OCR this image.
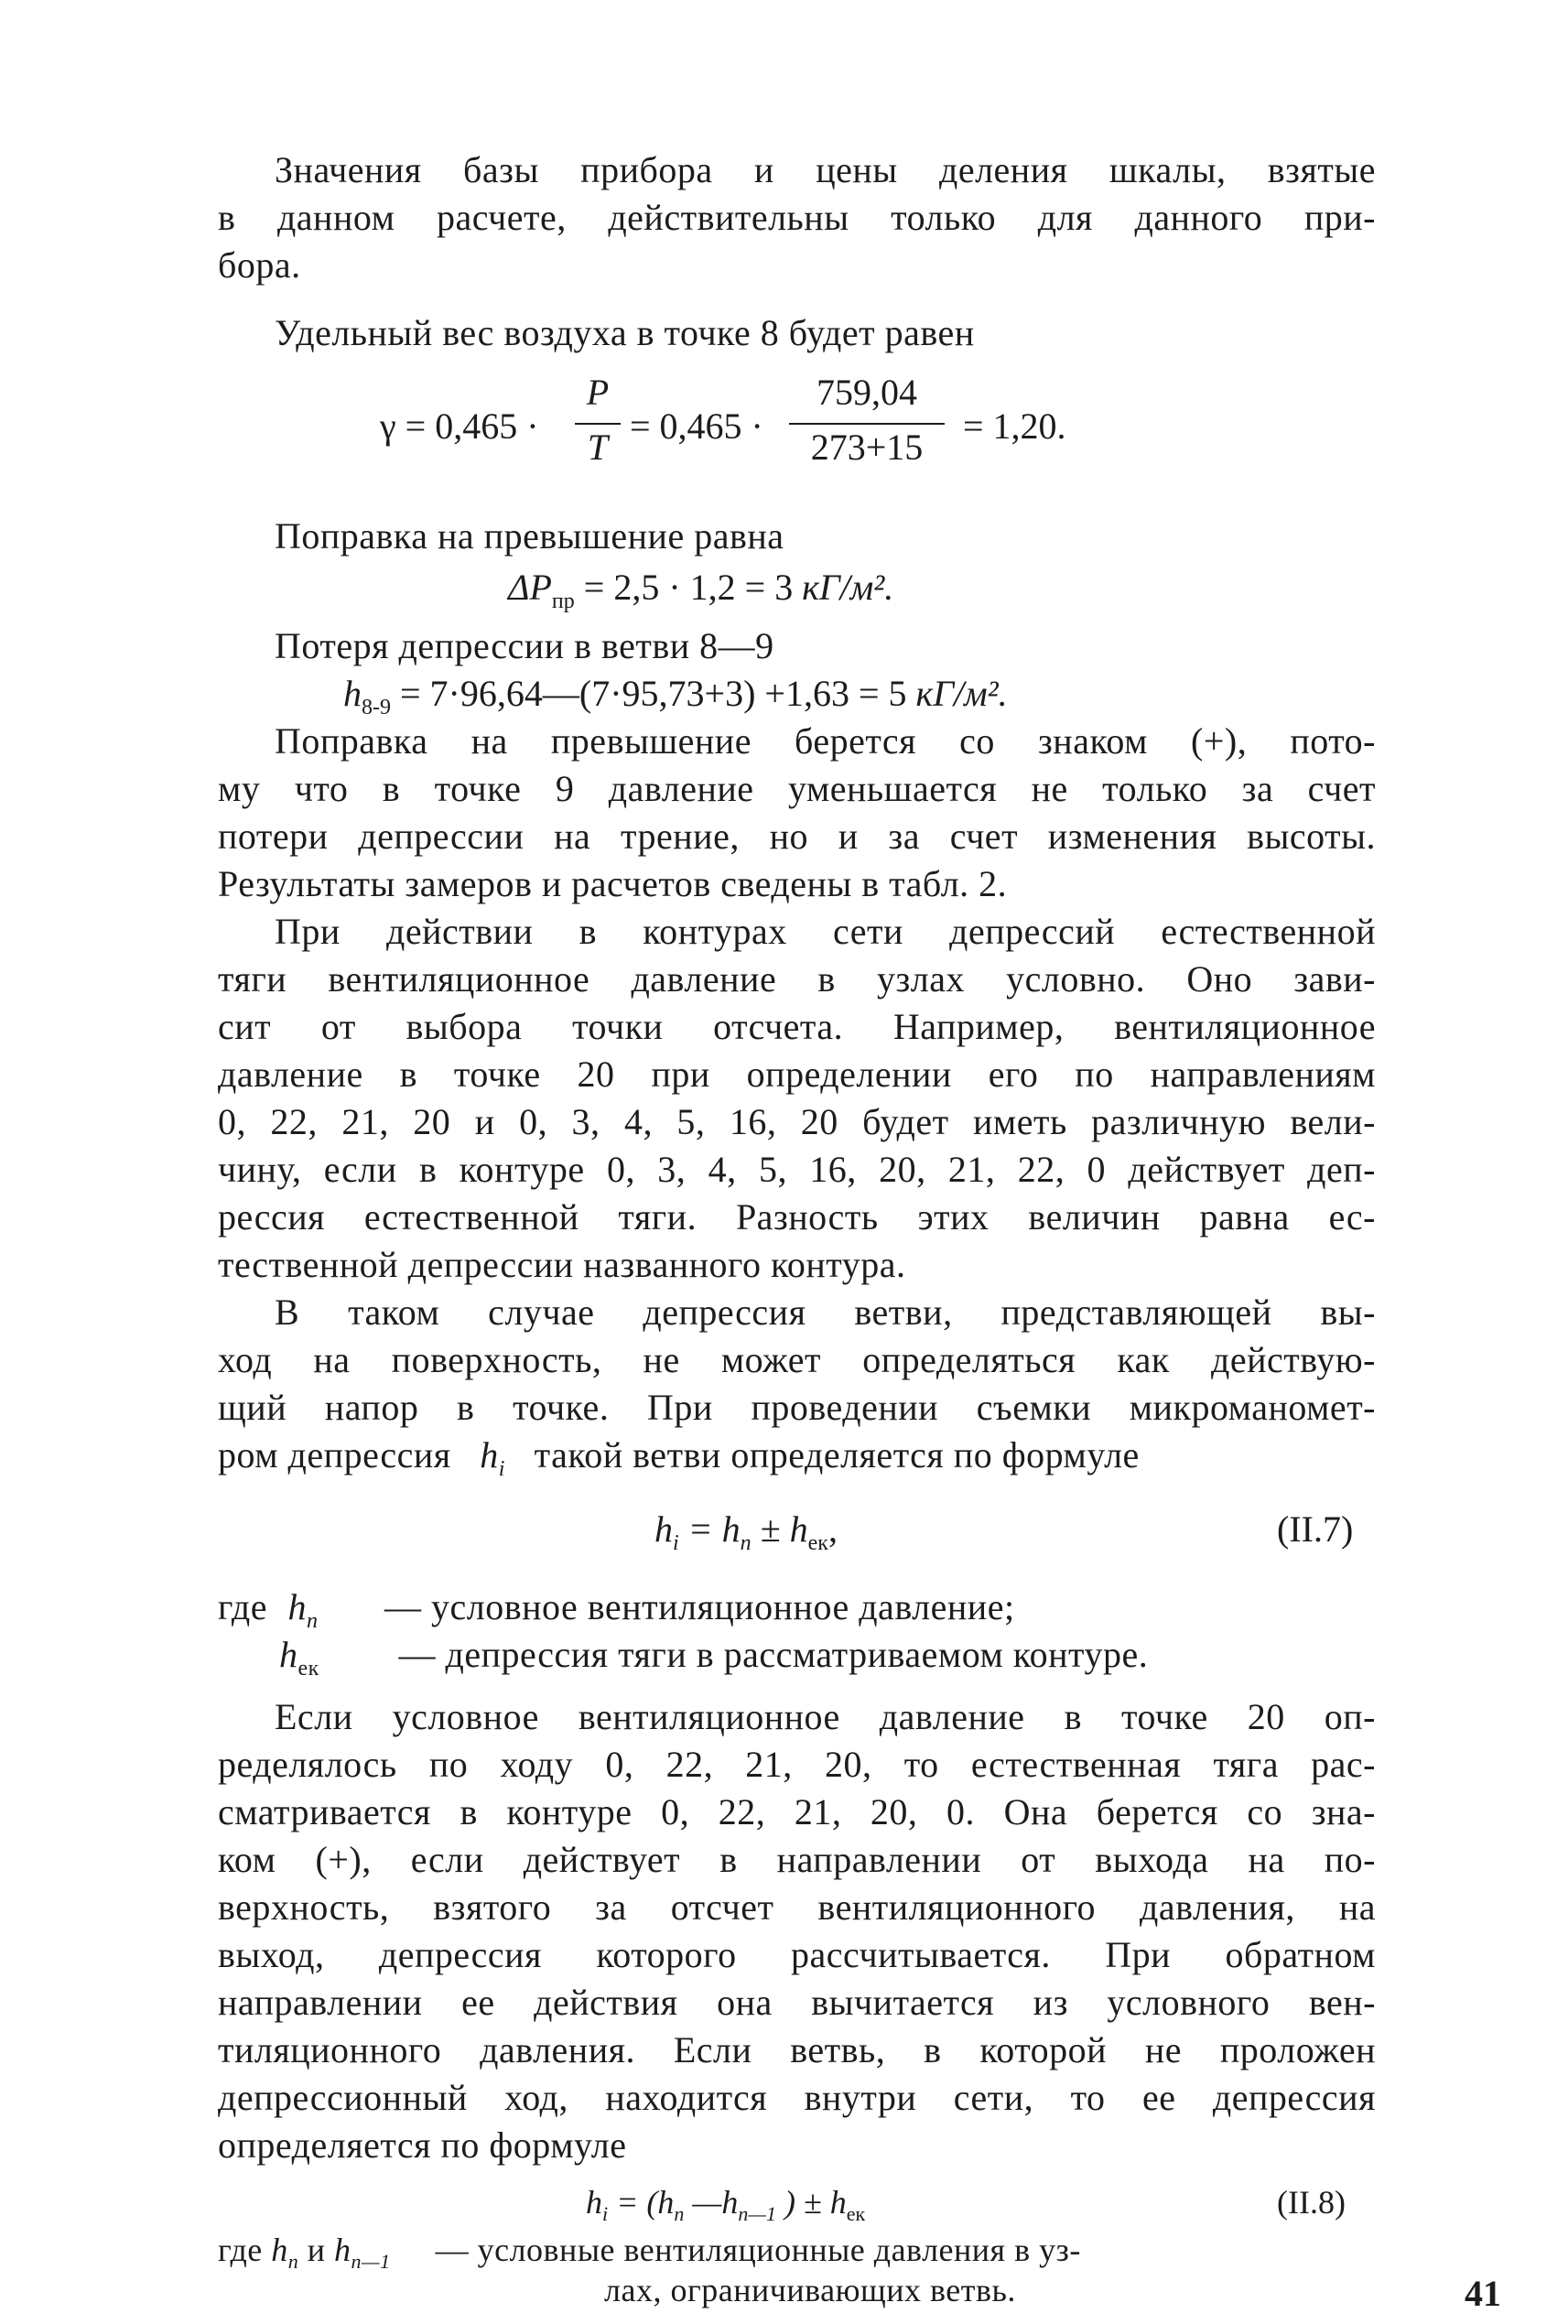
Значения базы прибора и цены деления шкалы, взятые
в данном расчете, действительны только для данного при-
бора.
Удельный вес воздуха в точке 8 будет равен
γ = 0,465 ·
P
T
= 0,465 ·
759,04
273+15
= 1,20.
Поправка на превышение равна
$\Delta P_{пр} = 2,5 \cdot 1,2 = 3$ кГ/м².
Потеря депрессии в ветви 8—9
$h_{8-9}$ = 7·96,64—(7·95,73+3) +1,63 = 5 кГ/м².
Поправка на превышение берется со знаком (+), пото-
му что в точке 9 давление уменьшается не только за счет
потери депрессии на трение, но и за счет изменения высоты.
Результаты замеров и расчетов сведены в табл. 2.
При действии в контурах сети депрессий естественной
тяги вентиляционное давление в узлах условно. Оно зави-
сит от выбора точки отсчета. Например, вентиляционное
давление в точке 20 при определении его по направлениям
0, 22, 21, 20 и 0, 3, 4, 5, 16, 20 будет иметь различную вели-
чину, если в контуре 0, 3, 4, 5, 16, 20, 21, 22, 0 действует деп-
рессия естественной тяги. Разность этих величин равна ес-
тественной депрессии названного контура.
В таком случае депрессия ветви, представляющей вы-
ход на поверхность, не может определяться как действую-
щий напор в точке. При проведении съемки микроманомет-
ром депрессия $h_i$ такой ветви определяется по формуле
$h_i = h_n \pm h_{ек}$,	(II.7)
где $h_n$ — условное вентиляционное давление;
$h_{ек}$ — депрессия тяги в рассматриваемом контуре.
Если условное вентиляционное давление в точке 20 оп-
ределялось по ходу 0, 22, 21, 20, то естественная тяга рас-
сматривается в контуре 0, 22, 21, 20, 0. Она берется со зна-
ком (+), если действует в направлении от выхода на по-
верхность, взятого за отсчет вентиляционного давления, на
выход, депрессия которого рассчитывается. При обратном
направлении ее действия она вычитается из условного вен-
тиляционного давления. Если ветвь, в которой не проложен
депрессионный ход, находится внутри сети, то ее депрессия
определяется по формуле
$h_i = (h_n$ $—h_{n—1}$ ) ± $h_{ек}$	(II.8)
где $h_n$ и $h_{n—1}$ — условные вентиляционные давления в уз-
лах, ограничивающих ветвь.	41
